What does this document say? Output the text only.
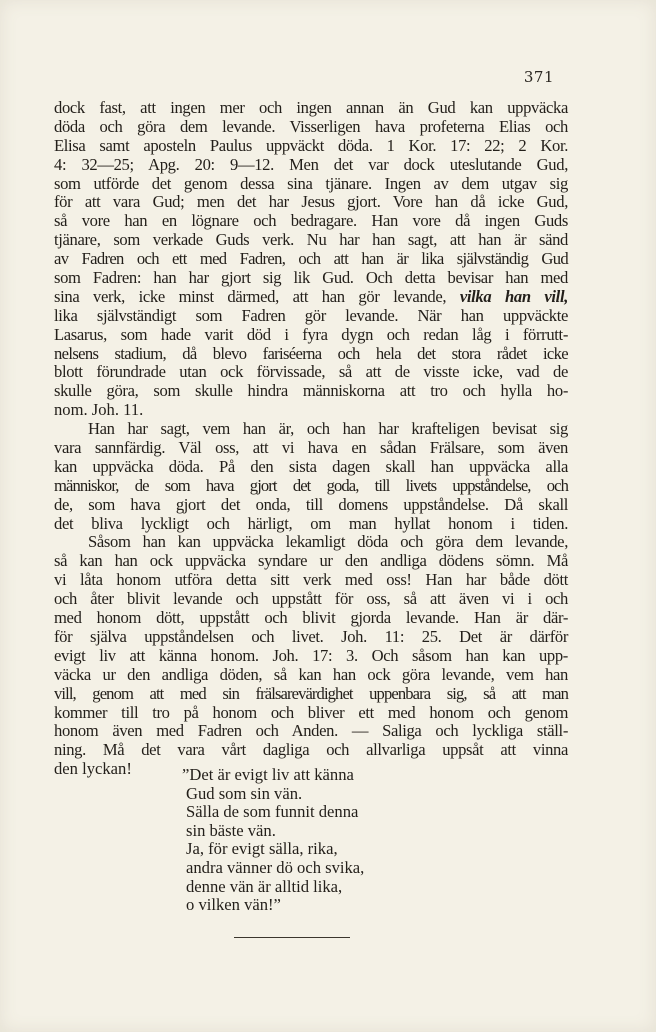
371
dock fast, att ingen mer och ingen annan än Gud kan uppväcka
döda och göra dem levande. Visserligen hava profeterna Elias och
Elisa samt aposteln Paulus uppväckt döda. 1 Kor. 17: 22; 2 Kor.
4: 32—25; Apg. 20: 9—12. Men det var dock uteslutande Gud,
som utförde det genom dessa sina tjänare. Ingen av dem utgav sig
för att vara Gud; men det har Jesus gjort. Vore han då icke Gud,
så vore han en lögnare och bedragare. Han vore då ingen Guds
tjänare, som verkade Guds verk. Nu har han sagt, att han är sänd
av Fadren och ett med Fadren, och att han är lika självständig Gud
som Fadren: han har gjort sig lik Gud. Och detta bevisar han med
sina verk, icke minst därmed, att han gör levande, vilka han vill,
lika självständigt som Fadren gör levande. När han uppväckte
Lasarus, som hade varit död i fyra dygn och redan låg i förrutt-
nelsens stadium, då blevo fariséerna och hela det stora rådet icke
blott förundrade utan ock förvissade, så att de visste icke, vad de
skulle göra, som skulle hindra människorna att tro och hylla ho-
nom. Joh. 11.
Han har sagt, vem han är, och han har krafteligen bevisat sig
vara sannfärdig. Väl oss, att vi hava en sådan Frälsare, som även
kan uppväcka döda. På den sista dagen skall han uppväcka alla
människor, de som hava gjort det goda, till livets uppståndelse, och
de, som hava gjort det onda, till domens uppståndelse. Då skall
det bliva lyckligt och härligt, om man hyllat honom i tiden.
Såsom han kan uppväcka lekamligt döda och göra dem levande,
så kan han ock uppväcka syndare ur den andliga dödens sömn. Må
vi låta honom utföra detta sitt verk med oss! Han har både dött
och åter blivit levande och uppstått för oss, så att även vi i och
med honom dött, uppstått och blivit gjorda levande. Han är där-
för själva uppståndelsen och livet. Joh. 11: 25. Det är därför
evigt liv att känna honom. Joh. 17: 3. Och såsom han kan upp-
väcka ur den andliga döden, så kan han ock göra levande, vem han
vill, genom att med sin frälsarevärdighet uppenbara sig, så att man
kommer till tro på honom och bliver ett med honom och genom
honom även med Fadren och Anden. — Saliga och lyckliga ställ-
ning. Må det vara vårt dagliga och allvarliga uppsåt att vinna
den lyckan!	”Det är evigt liv att känna
Gud som sin vän.
Sälla de som funnit denna
sin bäste vän.
Ja, för evigt sälla, rika,
andra vänner dö och svika,
denne vän är alltid lika,
o vilken vän!”
